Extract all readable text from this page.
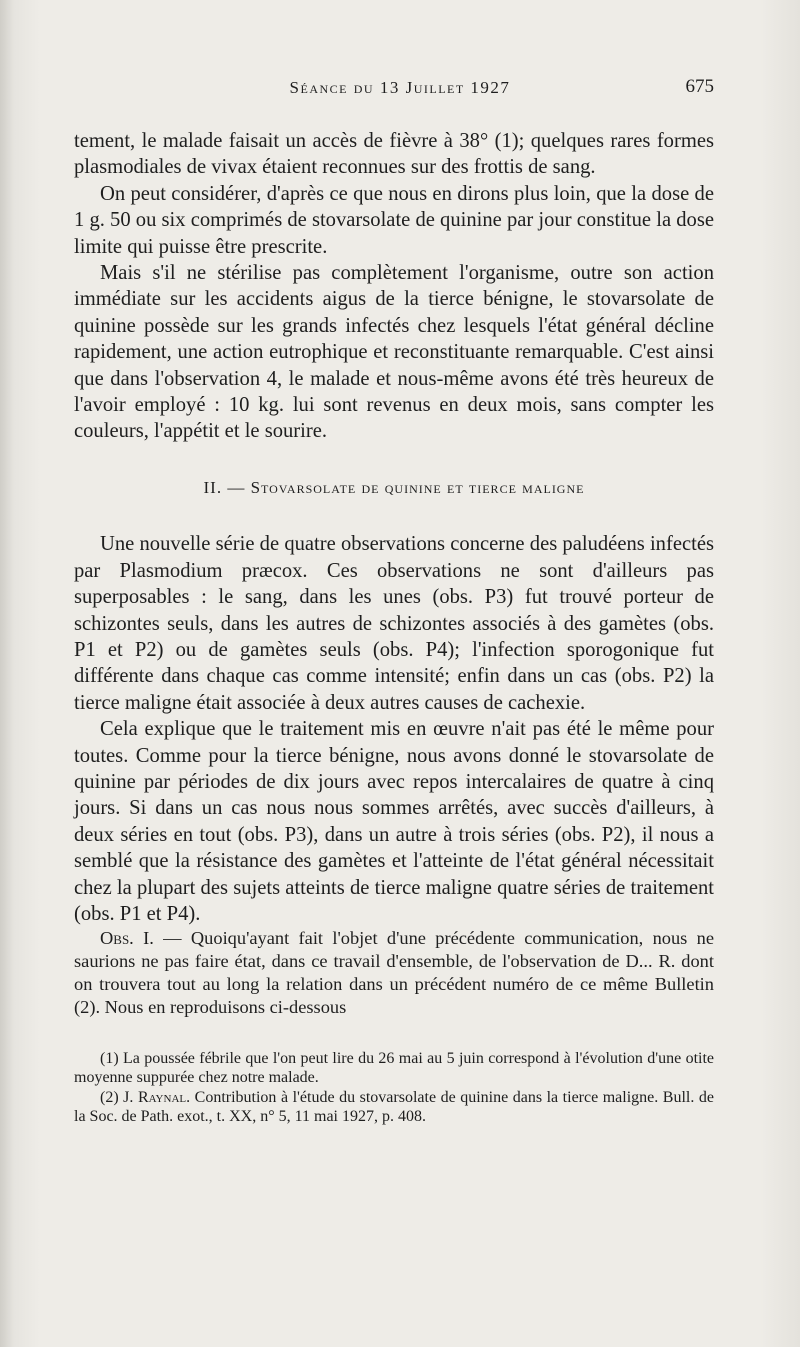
Séance du 13 Juillet 1927	675

tement, le malade faisait un accès de fièvre à 38° (1); quelques rares formes plasmodiales de vivax étaient reconnues sur des frottis de sang.

On peut considérer, d'après ce que nous en dirons plus loin, que la dose de 1 g. 50 ou six comprimés de stovarsolate de quinine par jour constitue la dose limite qui puisse être prescrite.

Mais s'il ne stérilise pas complètement l'organisme, outre son action immédiate sur les accidents aigus de la tierce bénigne, le stovarsolate de quinine possède sur les grands infectés chez lesquels l'état général décline rapidement, une action eutrophique et reconstituante remarquable. C'est ainsi que dans l'observation 4, le malade et nous-même avons été très heureux de l'avoir employé : 10 kg. lui sont revenus en deux mois, sans compter les couleurs, l'appétit et le sourire.

II. — Stovarsolate de quinine et tierce maligne

Une nouvelle série de quatre observations concerne des paludéens infectés par Plasmodium præcox. Ces observations ne sont d'ailleurs pas superposables : le sang, dans les unes (obs. P3) fut trouvé porteur de schizontes seuls, dans les autres de schizontes associés à des gamètes (obs. P1 et P2) ou de gamètes seuls (obs. P4); l'infection sporogonique fut différente dans chaque cas comme intensité; enfin dans un cas (obs. P2) la tierce maligne était associée à deux autres causes de cachexie.

Cela explique que le traitement mis en œuvre n'ait pas été le même pour toutes. Comme pour la tierce bénigne, nous avons donné le stovarsolate de quinine par périodes de dix jours avec repos intercalaires de quatre à cinq jours. Si dans un cas nous nous sommes arrêtés, avec succès d'ailleurs, à deux séries en tout (obs. P3), dans un autre à trois séries (obs. P2), il nous a semblé que la résistance des gamètes et l'atteinte de l'état général nécessitait chez la plupart des sujets atteints de tierce maligne quatre séries de traitement (obs. P1 et P4).

Obs. I. — Quoiqu'ayant fait l'objet d'une précédente communication, nous ne saurions ne pas faire état, dans ce travail d'ensemble, de l'observation de D... R. dont on trouvera tout au long la relation dans un précédent numéro de ce même Bulletin (2). Nous en reproduisons ci-dessous

(1) La poussée fébrile que l'on peut lire du 26 mai au 5 juin correspond à l'évolution d'une otite moyenne suppurée chez notre malade.

(2) J. Raynal. Contribution à l'étude du stovarsolate de quinine dans la tierce maligne. Bull. de la Soc. de Path. exot., t. XX, n° 5, 11 mai 1927, p. 408.
